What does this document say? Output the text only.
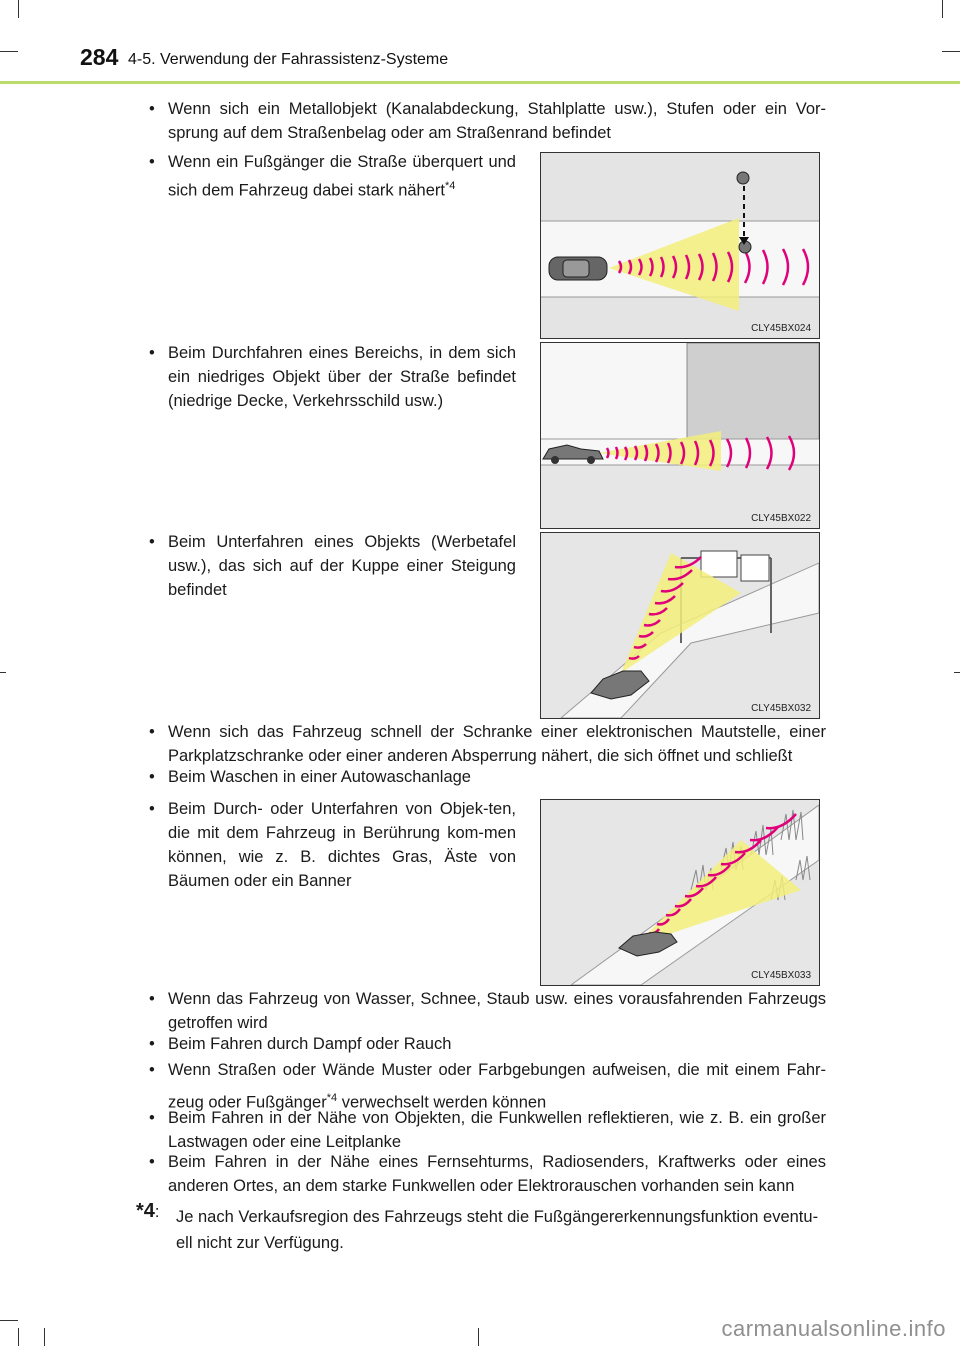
284 4-5. Verwendung der Fahrassistenz-Systeme
• Wenn sich ein Metallobjekt (Kanalabdeckung, Stahlplatte usw.), Stufen oder ein Vor-sprung auf dem Straßenbelag oder am Straßenrand befindet
• Wenn ein Fußgänger die Straße überquert und sich dem Fahrzeug dabei stark nähert$^{*4}$
CLY45BX024
• Beim Durchfahren eines Bereichs, in dem sich ein niedriges Objekt über der Straße befindet (niedrige Decke, Verkehrsschild usw.)
CLY45BX022
• Beim Unterfahren eines Objekts (Werbetafel usw.), das sich auf der Kuppe einer Steigung befindet
CLY45BX032
• Wenn sich das Fahrzeug schnell der Schranke einer elektronischen Mautstelle, einer Parkplatzschranke oder einer anderen Absperrung nähert, die sich öffnet und schließt
• Beim Waschen in einer Autowaschanlage
• Beim Durch- oder Unterfahren von Objek-ten, die mit dem Fahrzeug in Berührung kom-men können, wie z. B. dichtes Gras, Äste von Bäumen oder ein Banner
CLY45BX033
• Wenn das Fahrzeug von Wasser, Schnee, Staub usw. eines vorausfahrenden Fahrzeugs getroffen wird
• Beim Fahren durch Dampf oder Rauch
• Wenn Straßen oder Wände Muster oder Farbgebungen aufweisen, die mit einem Fahr-zeug oder Fußgänger$^{*4}$ verwechselt werden können
• Beim Fahren in der Nähe von Objekten, die Funkwellen reflektieren, wie z. B. ein großer Lastwagen oder eine Leitplanke
• Beim Fahren in der Nähe eines Fernsehturms, Radiosenders, Kraftwerks oder eines anderen Ortes, an dem starke Funkwellen oder Elektrorauschen vorhanden sein kann
*4:	Je nach Verkaufsregion des Fahrzeugs steht die Fußgängererkennungsfunktion eventu-ell nicht zur Verfügung.
carmanualsonline.info
